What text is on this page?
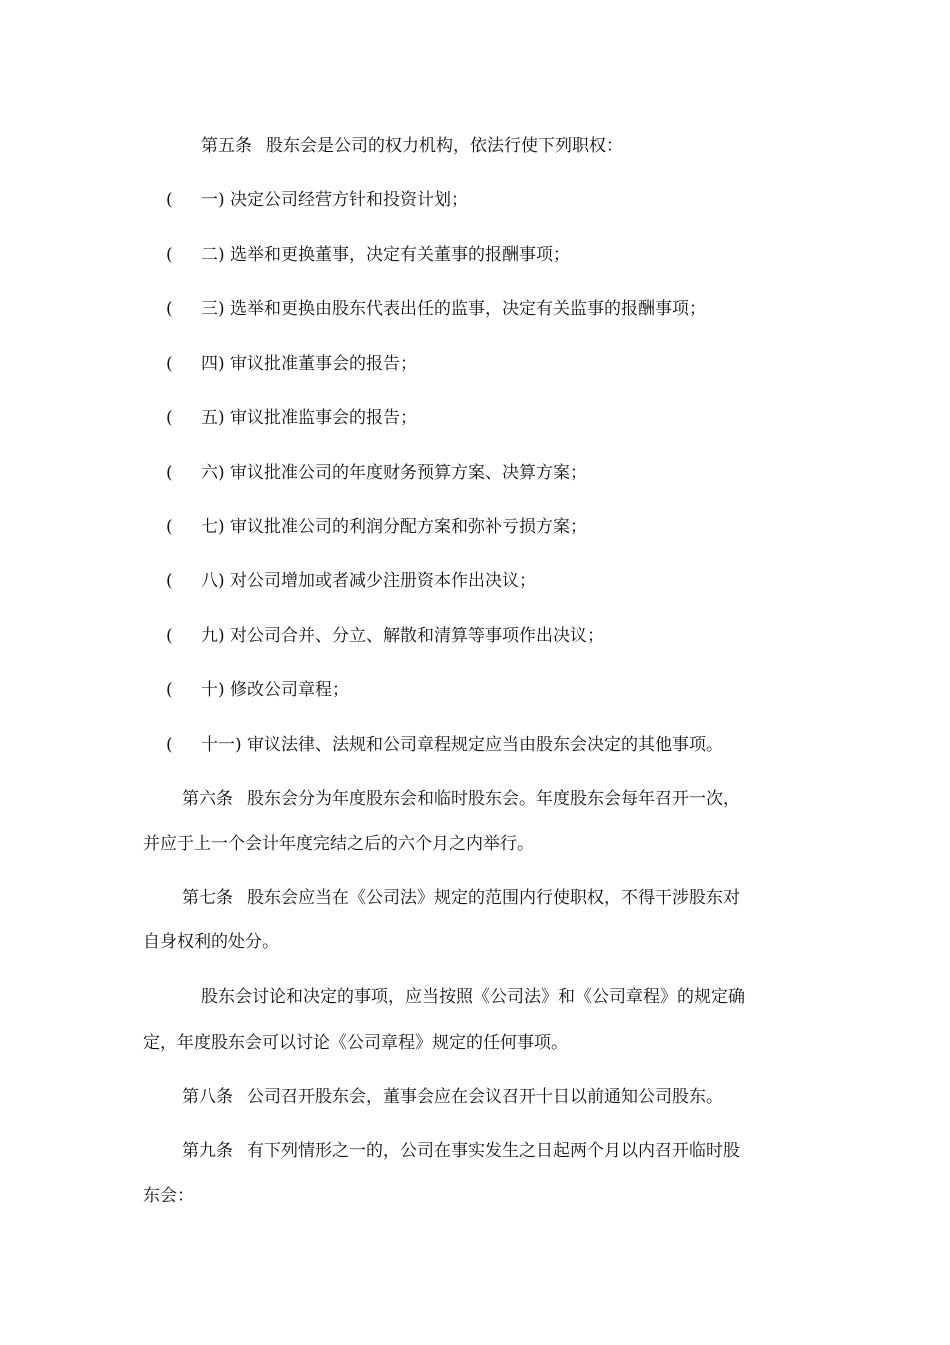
第五条 股东会是公司的权力机构，依法行使下列职权：
( 一) 决定公司经营方针和投资计划；
( 二) 选举和更换董事，决定有关董事的报酬事项；
( 三) 选举和更换由股东代表出任的监事，决定有关监事的报酬事项；
( 四) 审议批准董事会的报告；
( 五) 审议批准监事会的报告；
( 六) 审议批准公司的年度财务预算方案、决算方案；
( 七) 审议批准公司的利润分配方案和弥补亏损方案；
( 八) 对公司增加或者减少注册资本作出决议；
( 九) 对公司合并、分立、解散和清算等事项作出决议；
( 十) 修改公司章程；
( 十一) 审议法律、法规和公司章程规定应当由股东会决定的其他事项。
第六条 股东会分为年度股东会和临时股东会。年度股东会每年召开一次，
并应于上一个会计年度完结之后的六个月之内举行。
第七条 股东会应当在《公司法》规定的范围内行使职权，不得干涉股东对
自身权利的处分。
股东会讨论和决定的事项，应当按照《公司法》和《公司章程》的规定确
定，年度股东会可以讨论《公司章程》规定的任何事项。
第八条 公司召开股东会，董事会应在会议召开十日以前通知公司股东。
第九条 有下列情形之一的，公司在事实发生之日起两个月以内召开临时股
东会：
